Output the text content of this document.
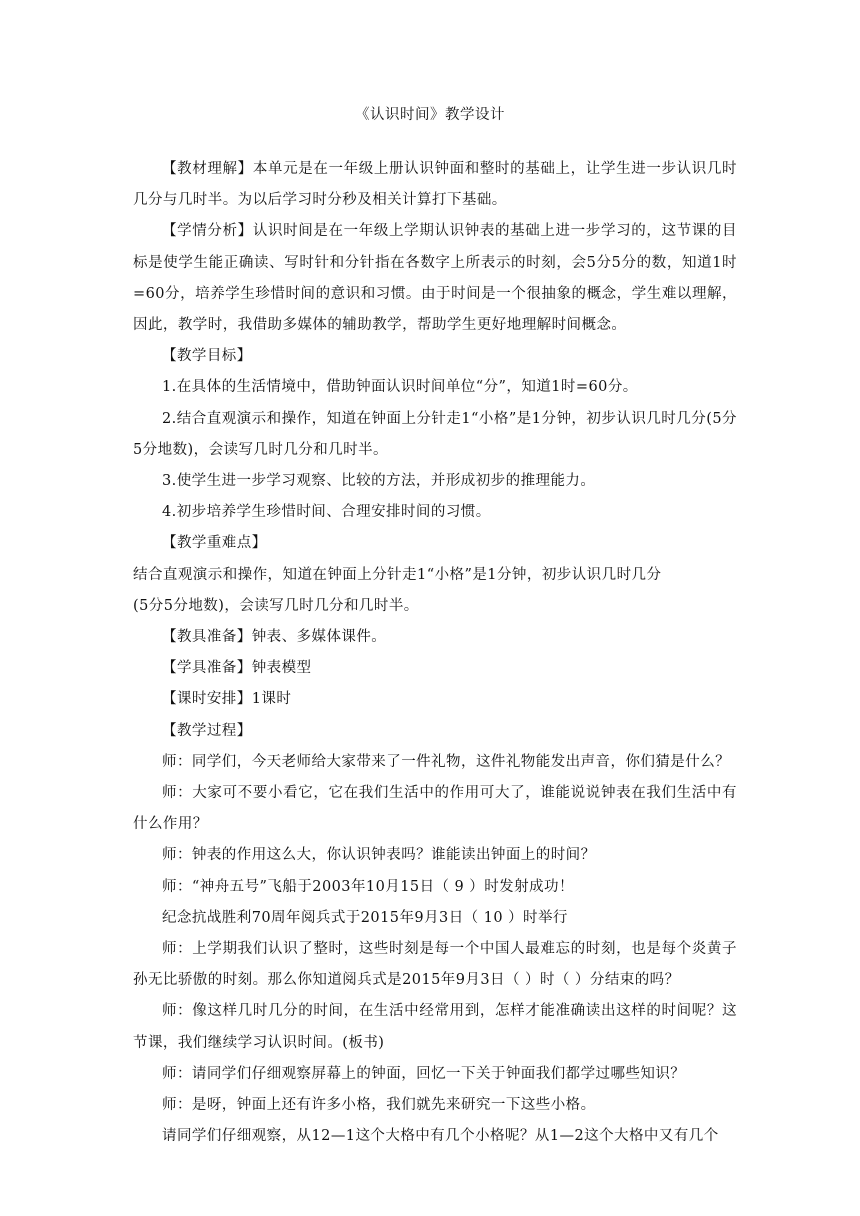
《认识时间》教学设计

【教材理解】本单元是在一年级上册认识钟面和整时的基础上，让学生进一步认识几时几分与几时半。为以后学习时分秒及相关计算打下基础。

【学情分析】认识时间是在一年级上学期认识钟表的基础上进一步学习的，这节课的目标是使学生能正确读、写时针和分针指在各数字上所表示的时刻，会5分5分的数，知道1时=60分，培养学生珍惜时间的意识和习惯。由于时间是一个很抽象的概念，学生难以理解，因此，教学时，我借助多媒体的辅助教学，帮助学生更好地理解时间概念。

【教学目标】

1.在具体的生活情境中，借助钟面认识时间单位“分”，知道1时=60分。

2.结合直观演示和操作，知道在钟面上分针走1“小格”是1分钟，初步认识几时几分(5分5分地数)，会读写几时几分和几时半。

3.使学生进一步学习观察、比较的方法，并形成初步的推理能力。

4.初步培养学生珍惜时间、合理安排时间的习惯。

【教学重难点】

结合直观演示和操作，知道在钟面上分针走1“小格”是1分钟，初步认识几时几分

(5分5分地数)，会读写几时几分和几时半。

【教具准备】钟表、多媒体课件。

【学具准备】钟表模型

【课时安排】1课时

【教学过程】

师：同学们，今天老师给大家带来了一件礼物，这件礼物能发出声音，你们猜是什么？

师：大家可不要小看它，它在我们生活中的作用可大了，谁能说说钟表在我们生活中有什么作用？

师：钟表的作用这么大，你认识钟表吗？谁能读出钟面上的时间？

师：“神舟五号”飞船于2003年10月15日（ 9 ）时发射成功！

纪念抗战胜利70周年阅兵式于2015年9月3日（ 10 ）时举行

师：上学期我们认识了整时，这些时刻是每一个中国人最难忘的时刻，也是每个炎黄子孙无比骄傲的时刻。那么你知道阅兵式是2015年9月3日（ ）时（ ）分结束的吗？

师：像这样几时几分的时间，在生活中经常用到，怎样才能准确读出这样的时间呢？这节课，我们继续学习认识时间。(板书)

师：请同学们仔细观察屏幕上的钟面，回忆一下关于钟面我们都学过哪些知识？

师：是呀，钟面上还有许多小格，我们就先来研究一下这些小格。

请同学们仔细观察，从12—1这个大格中有几个小格呢？从1—2这个大格中又有几个
